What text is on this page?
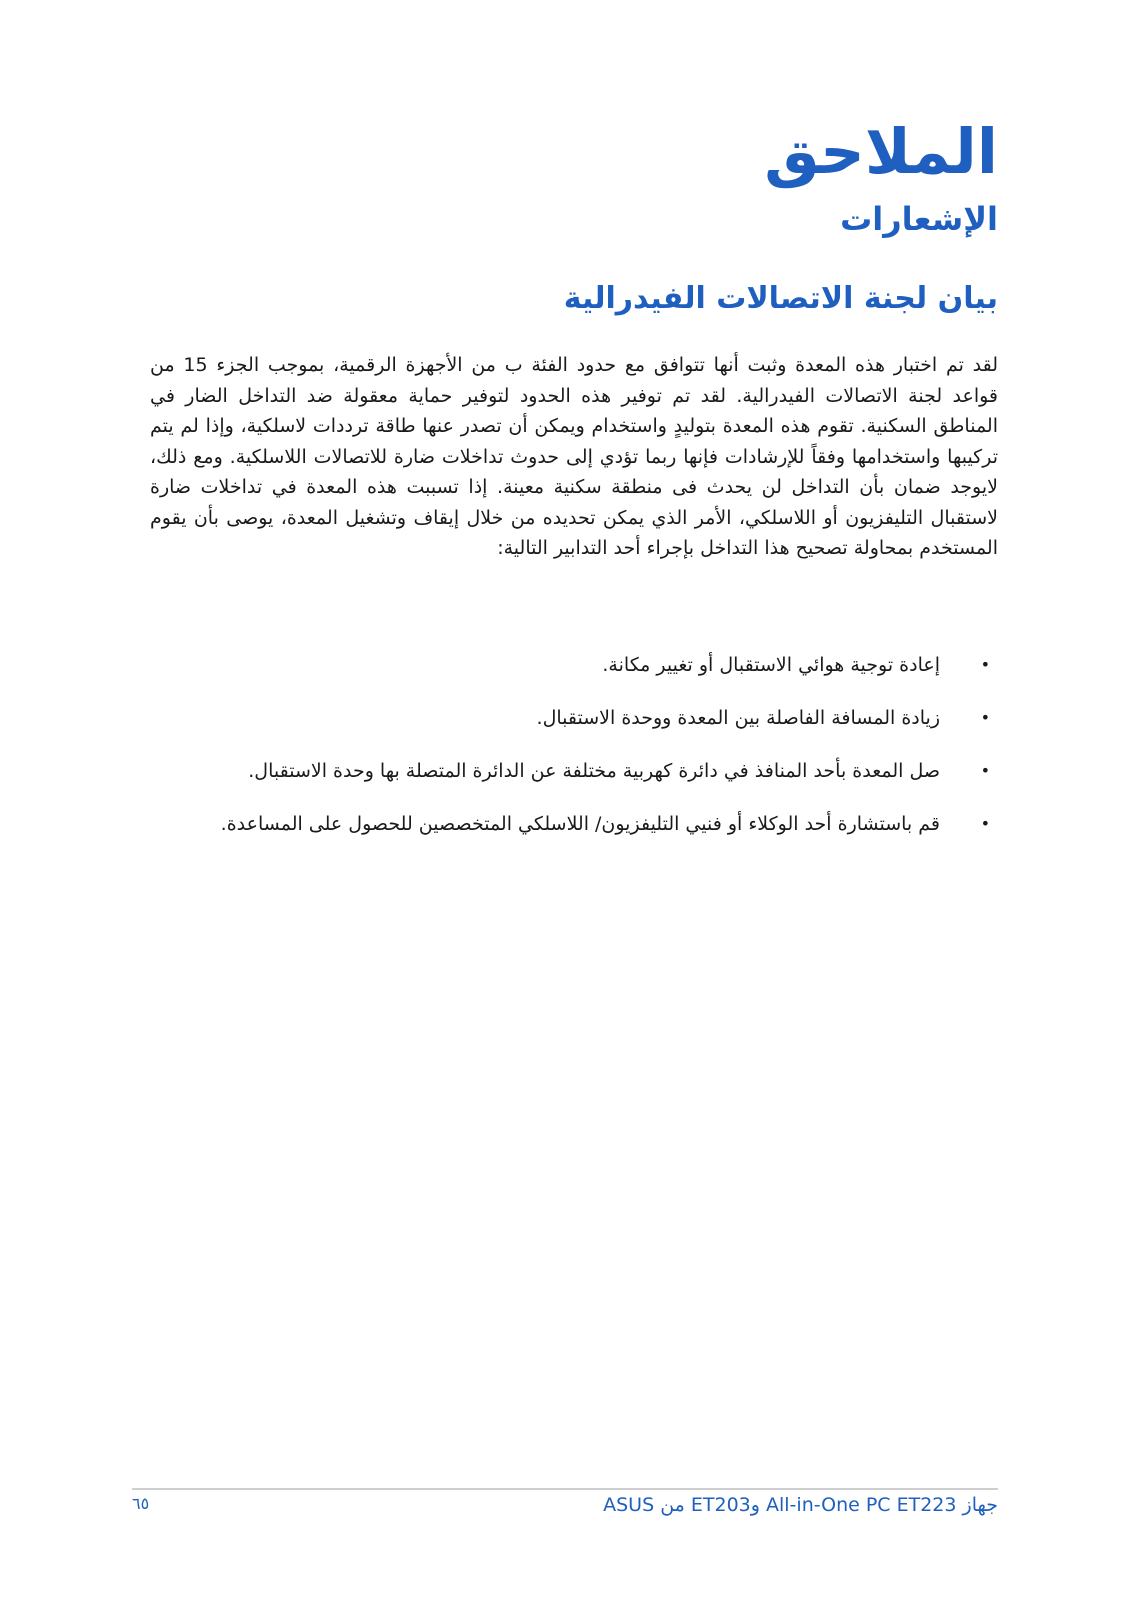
الملاحق
الإشعارات
بيان لجنة الاتصالات الفيدرالية

لقد تم اختبار هذه المعدة وثبت أنها تتوافق مع حدود الفئة ب من الأجهزة الرقمية، بموجب الجزء 15 من قواعد لجنة الاتصالات الفيدرالية. لقد تم توفير هذه الحدود لتوفير حماية معقولة ضد التداخل الضار في المناطق السكنية. تقوم هذه المعدة بتوليدٍ واستخدام ويمكن أن تصدر عنها طاقة ترددات لاسلكية، وإذا لم يتم تركيبها واستخدامها وفقاً للإرشادات فإنها ربما تؤدي إلى حدوث تداخلات ضارة للاتصالات اللاسلكية. ومع ذلك، لايوجد ضمان بأن التداخل لن يحدث فى منطقة سكنية معينة. إذا تسببت هذه المعدة في تداخلات ضارة لاستقبال التليفزيون أو اللاسلكي، الأمر الذي يمكن تحديده من خلال إيقاف وتشغيل المعدة، يوصى بأن يقوم المستخدم بمحاولة تصحيح هذا التداخل بإجراء أحد التدابير التالية:

•
إعادة توجية هوائي الاستقبال أو تغيير مكانة.
•
زيادة المسافة الفاصلة بين المعدة ووحدة الاستقبال.
•
صل المعدة بأحد المنافذ في دائرة كهربية مختلفة عن الدائرة المتصلة بها وحدة الاستقبال.
•
قم باستشارة أحد الوكلاء أو فنيي التليفزيون/ اللاسلكي المتخصصين للحصول على المساعدة.
٦٥	جهاز All-in-One PC ET223 وET203 من ASUS
